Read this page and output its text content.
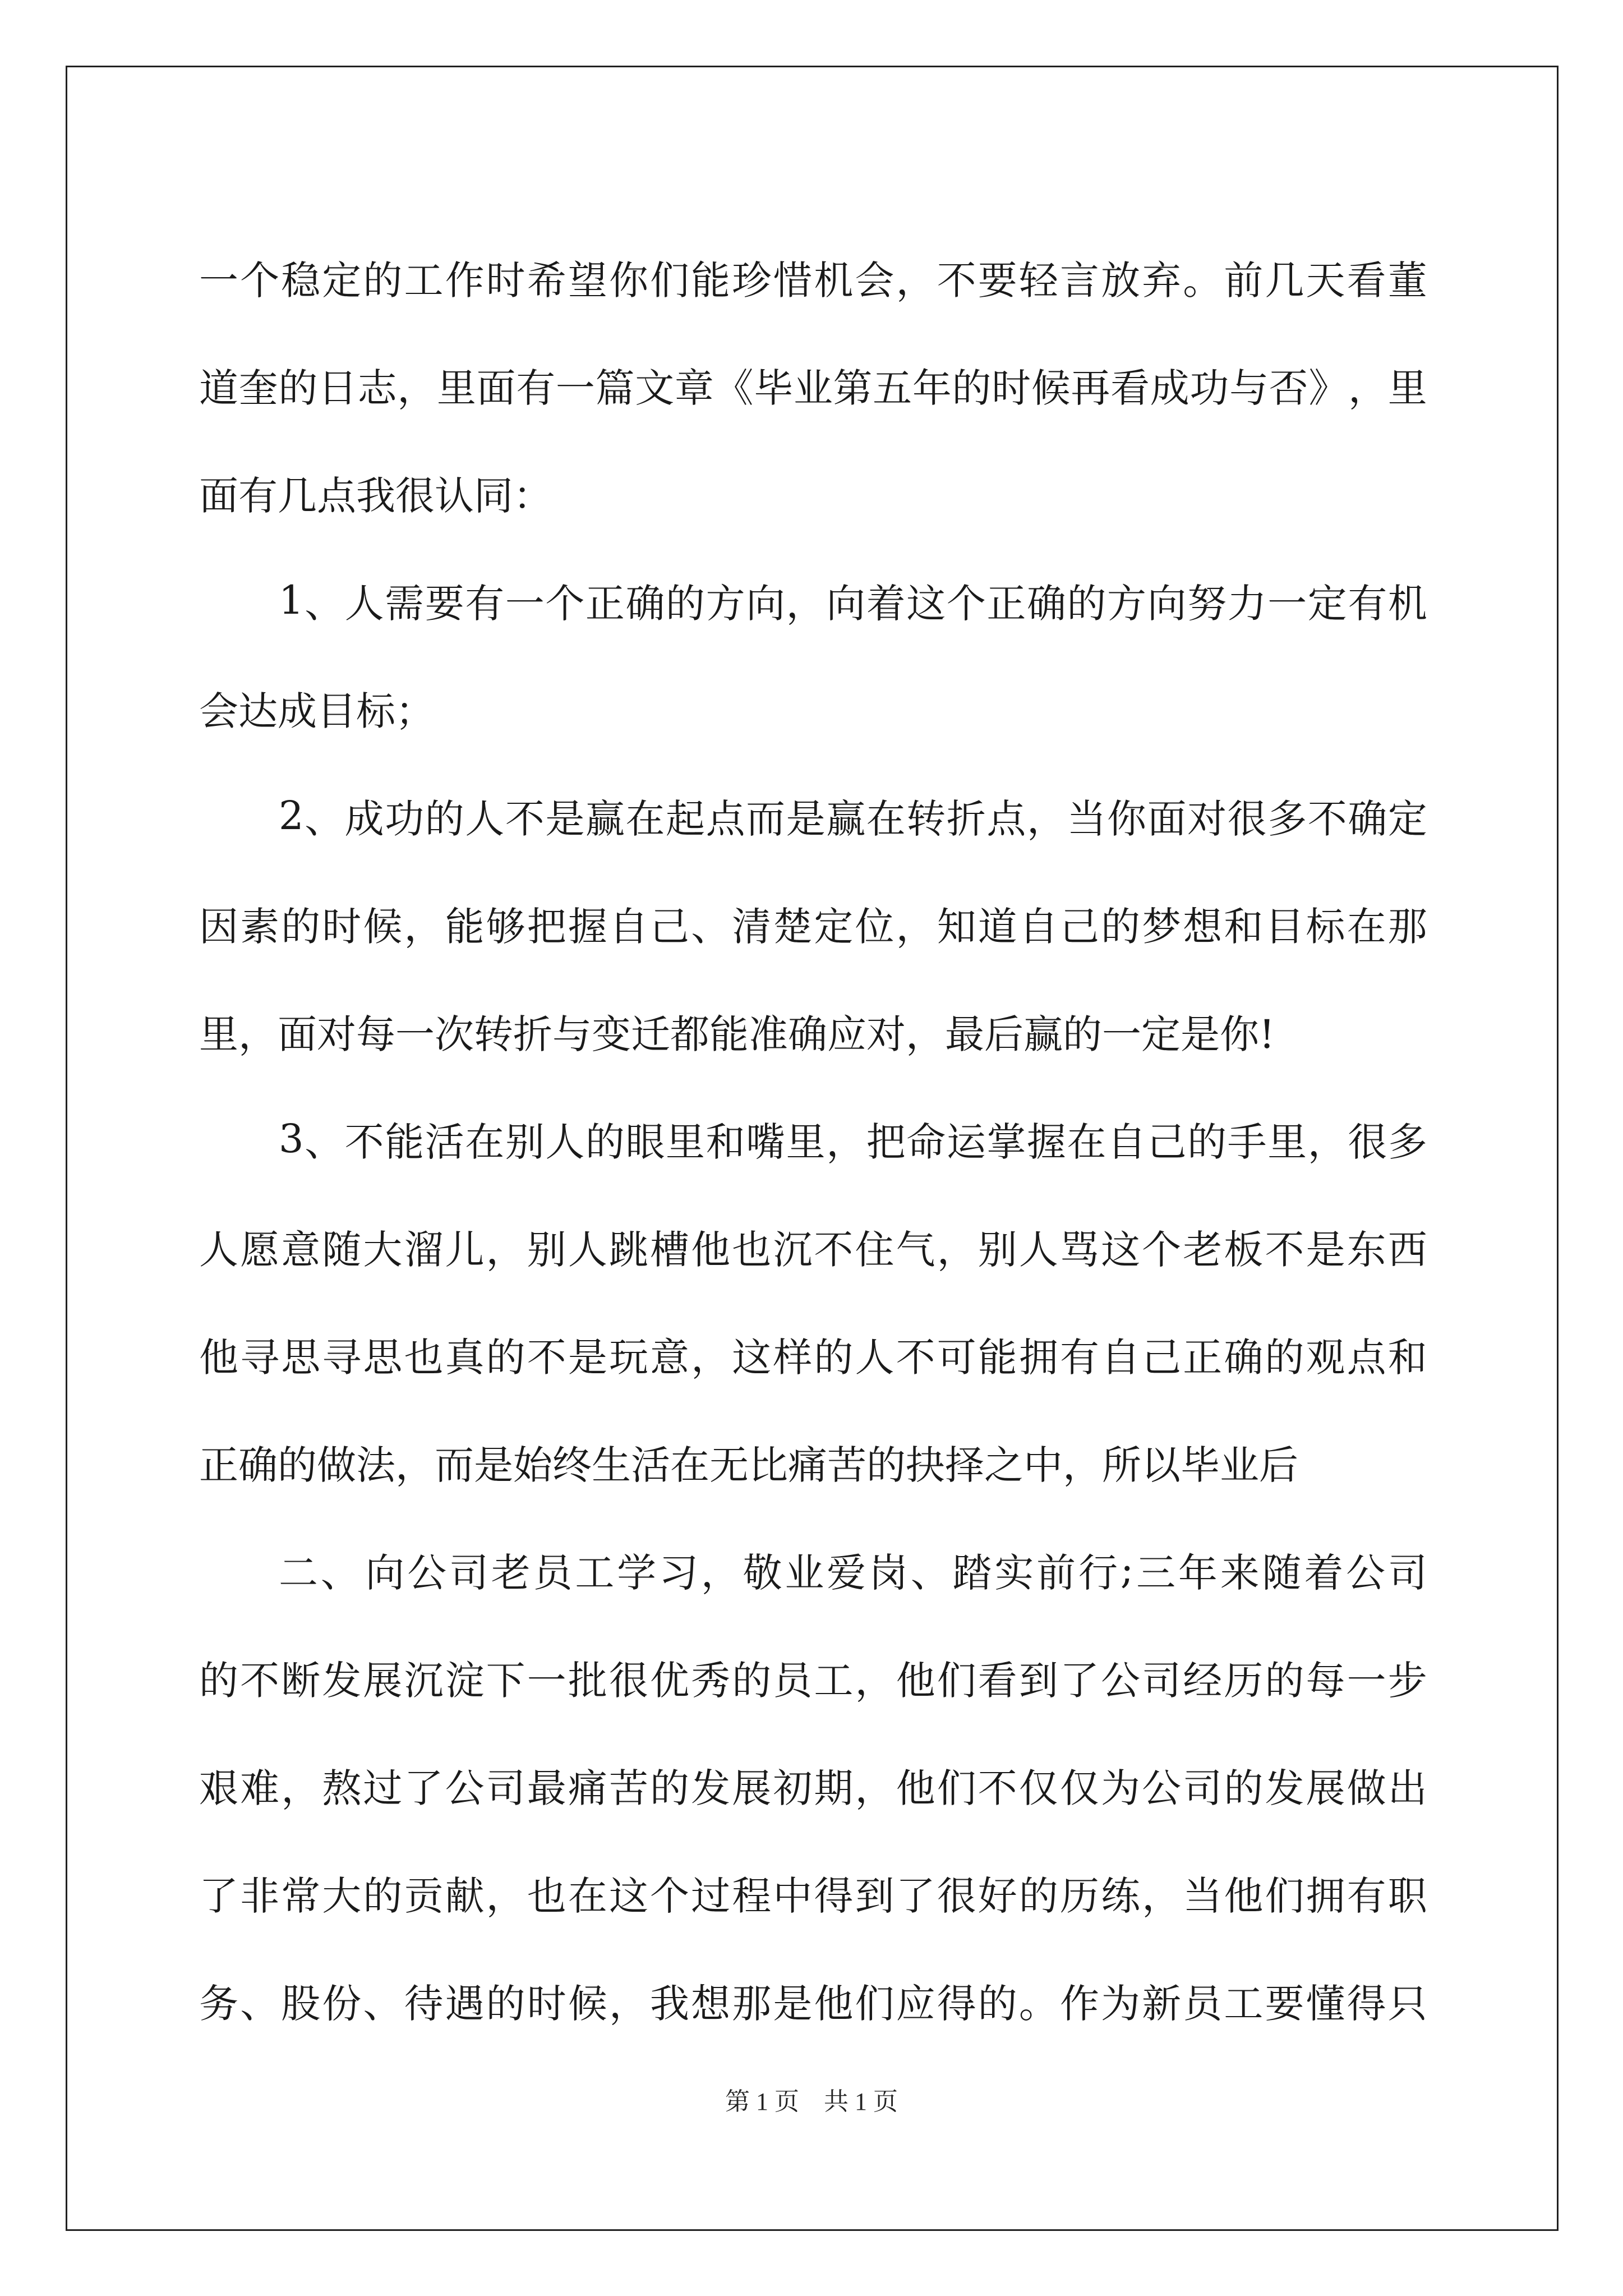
一 个 稳 定 的 工 作 时 希 望 你 们 能 珍 惜 机 会 ， 不 要 轻 言 放 弃 。 前 几 天 看 董
道 奎 的 日 志 ， 里 面 有 一 篇 文 章 《 毕 业 第 五 年 的 时 候 再 看 成 功 与 否 》 ， 里
面有几点我很认同：
1 、 人 需 要 有 一 个 正 确 的 方 向 ， 向 着 这 个 正 确 的 方 向 努 力 一 定 有 机
会达成目标；
2 、 成 功 的 人 不 是 赢 在 起 点 而 是 赢 在 转 折 点 ， 当 你 面 对 很 多 不 确 定
因 素 的 时 候 ， 能 够 把 握 自 己 、 清 楚 定 位 ， 知 道 自 己 的 梦 想 和 目 标 在 那
里，面对每一次转折与变迁都能准确应对，最后赢的一定是你!
3 、 不 能 活 在 别 人 的 眼 里 和 嘴 里 ， 把 命 运 掌 握 在 自 己 的 手 里 ， 很 多
人 愿 意 随 大 溜 儿 ， 别 人 跳 槽 他 也 沉 不 住 气 ， 别 人 骂 这 个 老 板 不 是 东 西
他 寻 思 寻 思 也 真 的 不 是 玩 意 ， 这 样 的 人 不 可 能 拥 有 自 己 正 确 的 观 点 和
正确的做法，而是始终生活在无比痛苦的抉择之中，所以毕业后
二 、 向 公 司 老 员 工 学 习 ， 敬 业 爱 岗 、 踏 实 前 行 ; 三 年 来 随 着 公 司
的 不 断 发 展 沉 淀 下 一 批 很 优 秀 的 员 工 ， 他 们 看 到 了 公 司 经 历 的 每 一 步
艰 难 ， 熬 过 了 公 司 最 痛 苦 的 发 展 初 期 ， 他 们 不 仅 仅 为 公 司 的 发 展 做 出
了 非 常 大 的 贡 献 ， 也 在 这 个 过 程 中 得 到 了 很 好 的 历 练 ， 当 他 们 拥 有 职
务 、 股 份 、 待 遇 的 时 候 ， 我 想 那 是 他 们 应 得 的 。 作 为 新 员 工 要 懂 得 只
第 1 页　共 1 页
